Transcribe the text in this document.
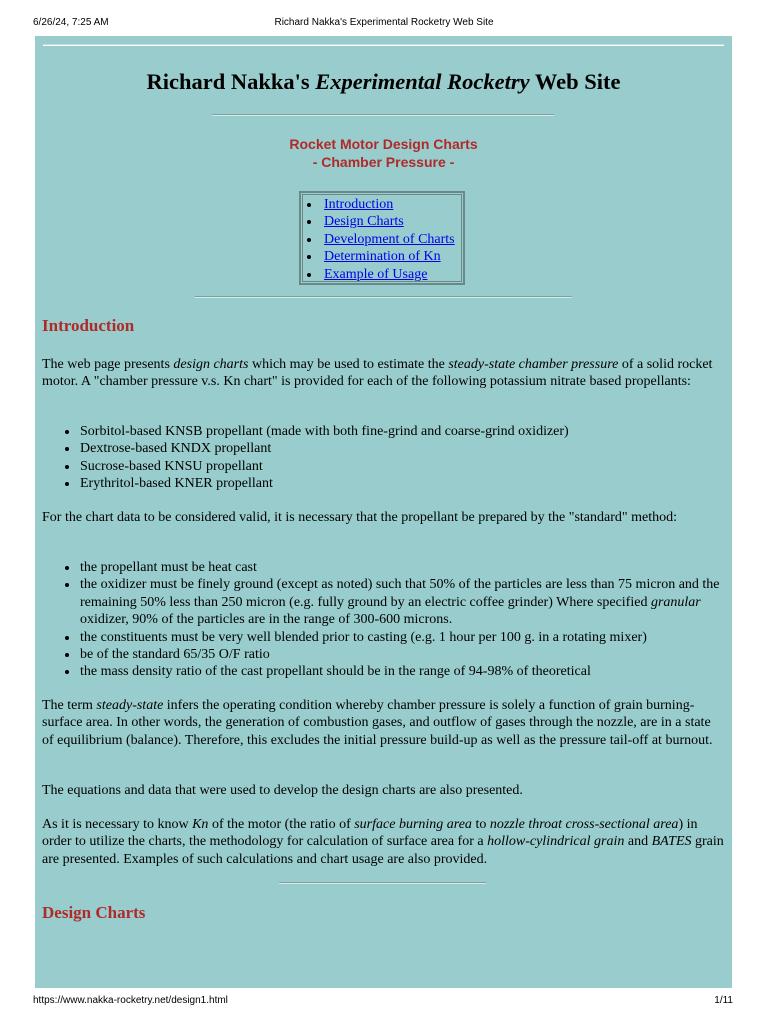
6/26/24, 7:25 AM	Richard Nakka's Experimental Rocketry Web Site
Richard Nakka's Experimental Rocketry Web Site
Rocket Motor Design Charts
- Chamber Pressure -
Introduction
Design Charts
Development of Charts
Determination of Kn
Example of Usage
Introduction

The web page presents design charts which may be used to estimate the steady-state chamber pressure of a solid rocket motor. A "chamber pressure v.s. Kn chart" is provided for each of the following potassium nitrate based propellants:

Sorbitol-based KNSB propellant (made with both fine-grind and coarse-grind oxidizer)
Dextrose-based KNDX propellant
Sucrose-based KNSU propellant
Erythritol-based KNER propellant

For the chart data to be considered valid, it is necessary that the propellant be prepared by the "standard" method:

the propellant must be heat cast
the oxidizer must be finely ground (except as noted) such that 50% of the particles are less than 75 micron and the remaining 50% less than 250 micron (e.g. fully ground by an electric coffee grinder) Where specified granular oxidizer, 90% of the particles are in the range of 300-600 microns.
the constituents must be very well blended prior to casting (e.g. 1 hour per 100 g. in a rotating mixer)
be of the standard 65/35 O/F ratio
the mass density ratio of the cast propellant should be in the range of 94-98% of theoretical

The term steady-state infers the operating condition whereby chamber pressure is solely a function of grain burning-surface area. In other words, the generation of combustion gases, and outflow of gases through the nozzle, are in a state of equilibrium (balance). Therefore, this excludes the initial pressure build-up as well as the pressure tail-off at burnout.

The equations and data that were used to develop the design charts are also presented.

As it is necessary to know Kn of the motor (the ratio of surface burning area to nozzle throat cross-sectional area) in order to utilize the charts, the methodology for calculation of surface area for a hollow-cylindrical grain and BATES grain are presented. Examples of such calculations and chart usage are also provided.

Design Charts
https://www.nakka-rocketry.net/design1.html	1/11
